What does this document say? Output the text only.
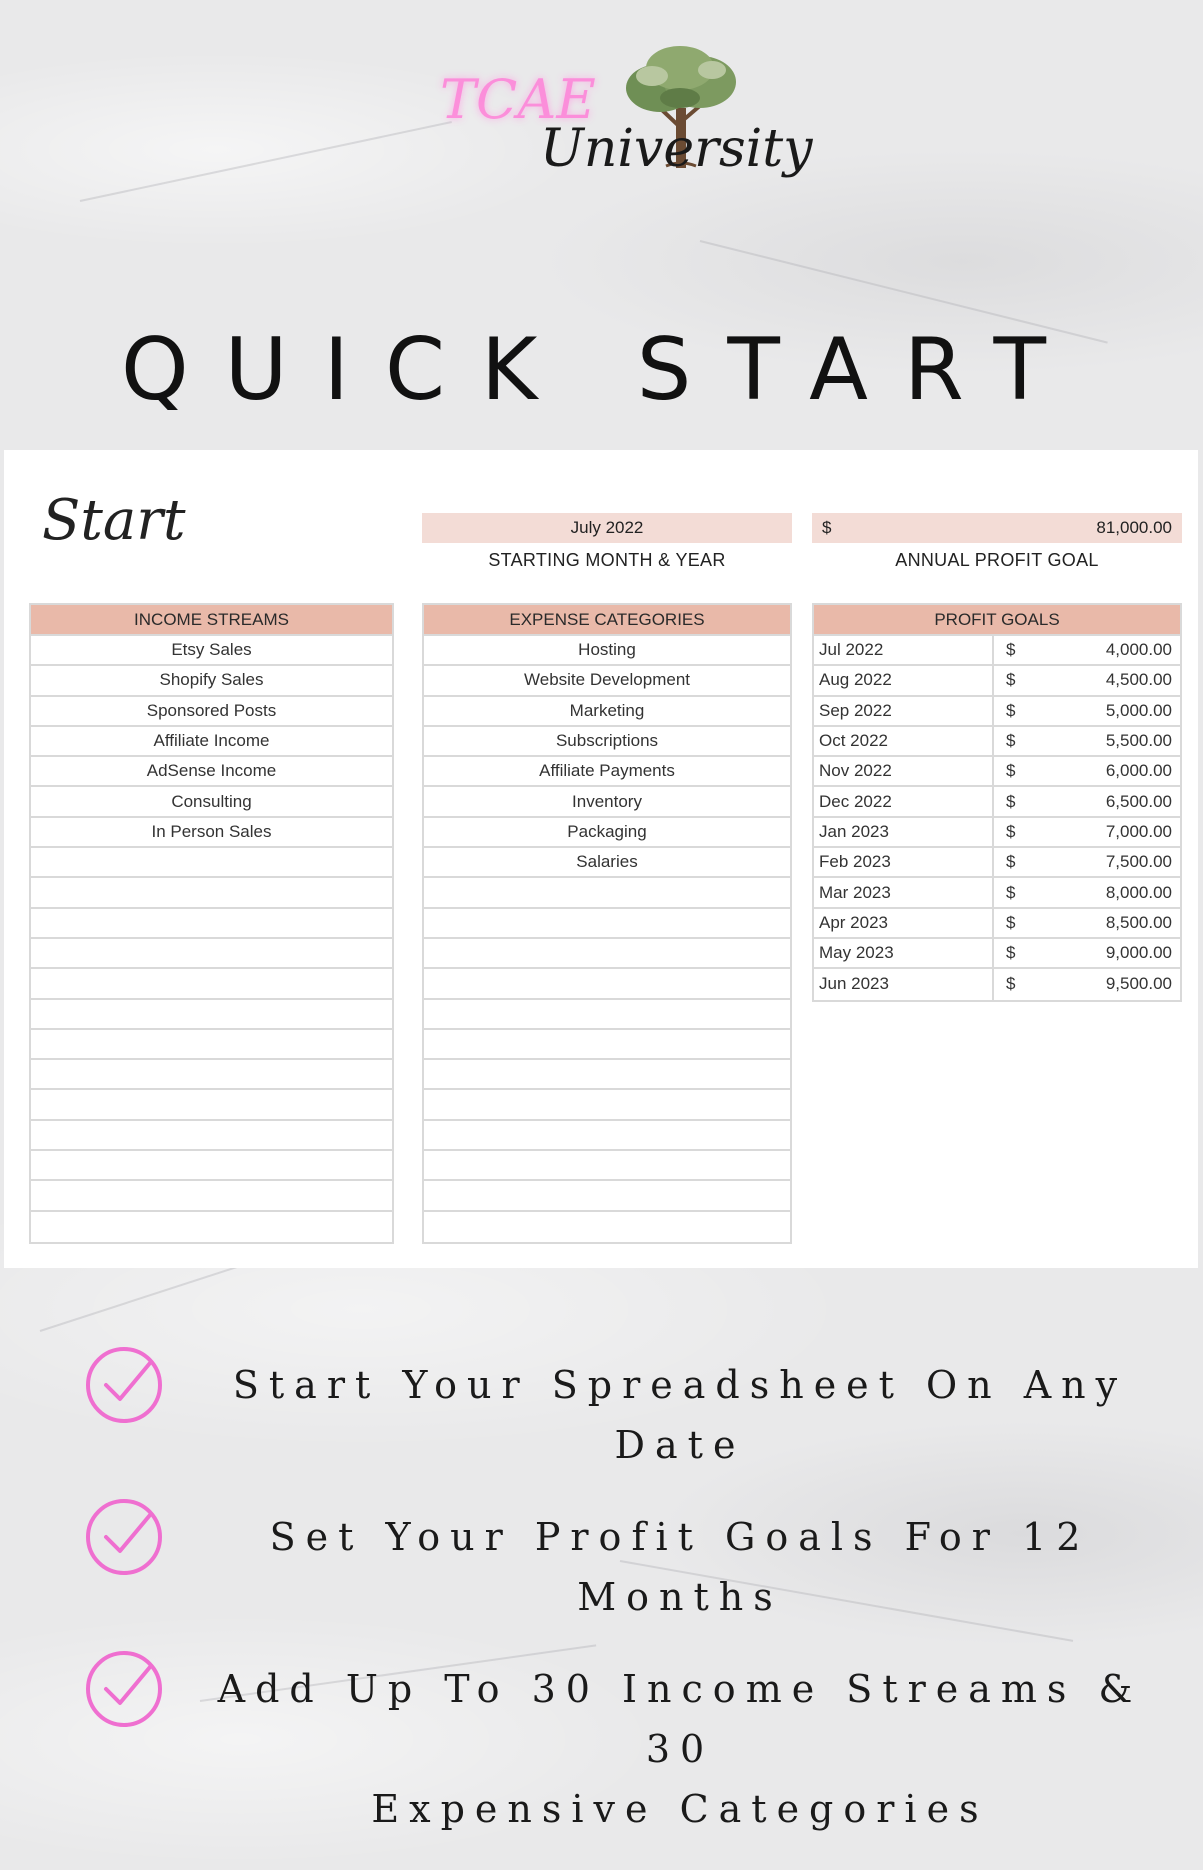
TCAE
University
QUICK START
Start	July 2022
STARTING MONTH & YEAR
$	81,000.00
ANNUAL PROFIT GOAL
INCOME STREAMS
Etsy Sales
Shopify Sales
Sponsored Posts
Affiliate Income
AdSense Income
Consulting
In Person Sales
EXPENSE CATEGORIES
Hosting
Website Development
Marketing
Subscriptions
Affiliate Payments
Inventory
Packaging
Salaries
PROFIT GOALS
Jul 2022	$	4,000.00
Aug 2022	$	4,500.00
Sep 2022	$	5,000.00
Oct 2022	$	5,500.00
Nov 2022	$	6,000.00
Dec 2022	$	6,500.00
Jan 2023	$	7,000.00
Feb 2023	$	7,500.00
Mar 2023	$	8,000.00
Apr 2023	$	8,500.00
May 2023	$	9,000.00
Jun 2023	$	9,500.00
Start Your Spreadsheet On Any Date
Set Your Profit Goals For 12 Months
Add Up To 30 Income Streams & 30
Expensive Categories
